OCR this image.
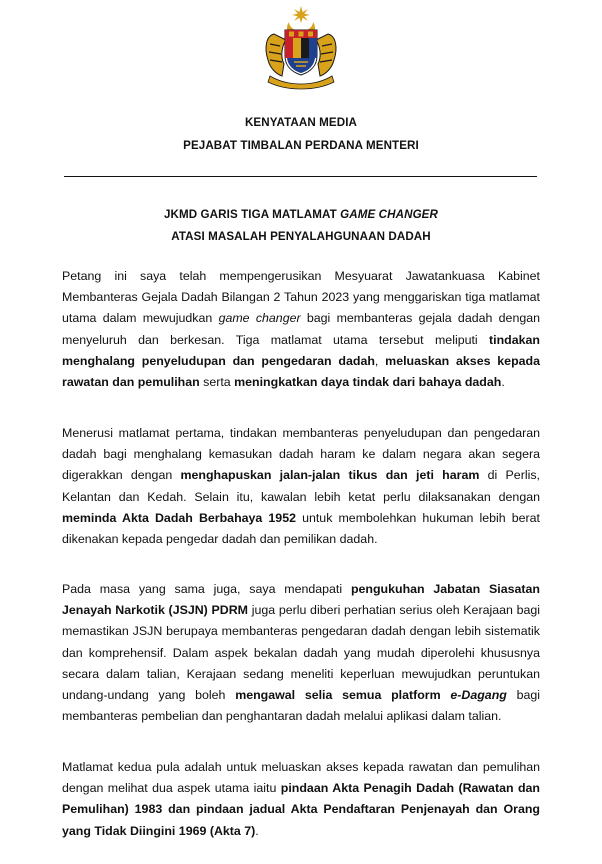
KENYATAAN MEDIA
PEJABAT TIMBALAN PERDANA MENTERI
JKMD GARIS TIGA MATLAMAT GAME CHANGER
ATASI MASALAH PENYALAHGUNAAN DADAH

Petang ini saya telah mempengerusikan Mesyuarat Jawatankuasa Kabinet Membanteras Gejala Dadah Bilangan 2 Tahun 2023 yang menggariskan tiga matlamat utama dalam mewujudkan game changer bagi membanteras gejala dadah dengan menyeluruh dan berkesan. Tiga matlamat utama tersebut meliputi tindakan menghalang penyeludupan dan pengedaran dadah, meluaskan akses kepada rawatan dan pemulihan serta meningkatkan daya tindak dari bahaya dadah.

Menerusi matlamat pertama, tindakan membanteras penyeludupan dan pengedaran dadah bagi menghalang kemasukan dadah haram ke dalam negara akan segera digerakkan dengan menghapuskan jalan-jalan tikus dan jeti haram di Perlis, Kelantan dan Kedah. Selain itu, kawalan lebih ketat perlu dilaksanakan dengan meminda Akta Dadah Berbahaya 1952 untuk membolehkan hukuman lebih berat dikenakan kepada pengedar dadah dan pemilikan dadah.

Pada masa yang sama juga, saya mendapati pengukuhan Jabatan Siasatan Jenayah Narkotik (JSJN) PDRM juga perlu diberi perhatian serius oleh Kerajaan bagi memastikan JSJN berupaya membanteras pengedaran dadah dengan lebih sistematik dan komprehensif. Dalam aspek bekalan dadah yang mudah diperolehi khususnya secara dalam talian, Kerajaan sedang meneliti keperluan mewujudkan peruntukan undang-undang yang boleh mengawal selia semua platform e-Dagang bagi membanteras pembelian dan penghantaran dadah melalui aplikasi dalam talian.

Matlamat kedua pula adalah untuk meluaskan akses kepada rawatan dan pemulihan dengan melihat dua aspek utama iaitu pindaan Akta Penagih Dadah (Rawatan dan Pemulihan) 1983 dan pindaan jadual Akta Pendaftaran Penjenayah dan Orang yang Tidak Diingini 1969 (Akta 7).
